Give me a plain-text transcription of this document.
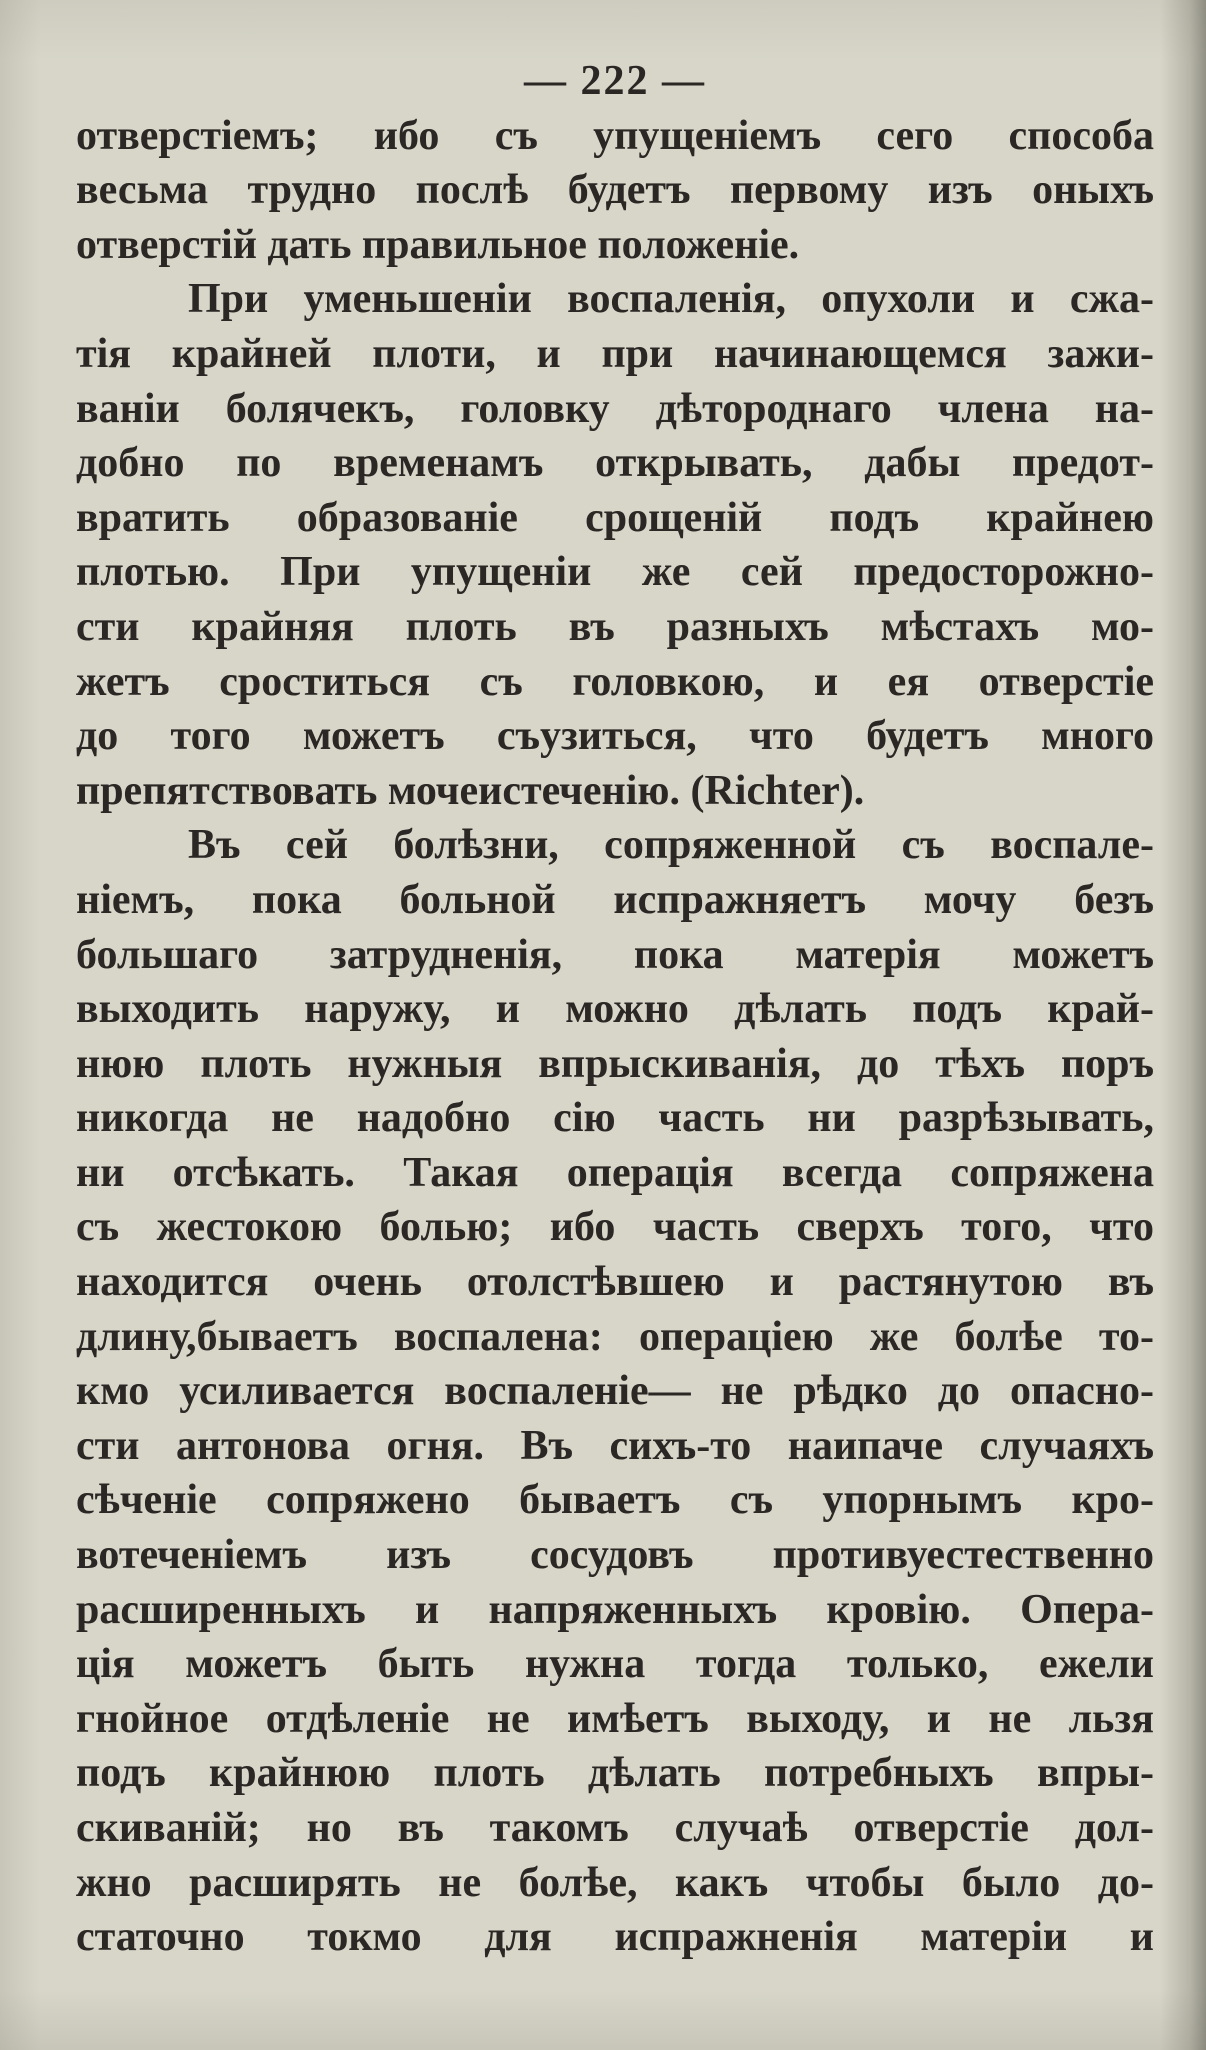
— 222 —
отверстіемъ; ибо съ упущеніемъ сего способа
весьма трудно послѣ будетъ первому изъ оныхъ
отверстій дать правильное положеніе.
При уменьшеніи воспаленія, опухоли и сжа-
тія крайней плоти, и при начинающемся зажи-
ваніи болячекъ, головку дѣтороднаго члена на-
добно по временамъ открывать, дабы предот-
вратить образованіе срощеній подъ крайнею
плотью. При упущеніи же сей предосторожно-
сти крайняя плоть въ разныхъ мѣстахъ мо-
жетъ сроститься съ головкою, и ея отверстіе
до того можетъ съузиться, что будетъ много
препятствовать мочеистеченію. (Richter).
Въ сей болѣзни, сопряженной съ воспале-
ніемъ, пока больной испражняетъ мочу безъ
большаго затрудненія, пока матерія можетъ
выходить наружу, и можно дѣлать подъ край-
нюю плоть нужныя впрыскиванія, до тѣхъ поръ
никогда не надобно сію часть ни разрѣзывать,
ни отсѣкать. Такая операція всегда сопряжена
съ жестокою болью; ибо часть сверхъ того, что
находится очень отолстѣвшею и растянутою въ
длину,бываетъ воспалена: операціею же болѣе то-
кмо усиливается воспаленіе— не рѣдко до опасно-
сти антонова огня. Въ сихъ-то наипаче случаяхъ
сѣченіе сопряжено бываетъ съ упорнымъ кро-
вотеченіемъ изъ сосудовъ противуестественно
расширенныхъ и напряженныхъ кровію. Опера-
ція можетъ быть нужна тогда только, ежели
гнойное отдѣленіе не имѣетъ выходу, и не льзя
подъ крайнюю плоть дѣлать потребныхъ впры-
скиваній; но въ такомъ случаѣ отверстіе дол-
жно расширять не болѣе, какъ чтобы было до-
статочно токмо для испражненія матеріи и
